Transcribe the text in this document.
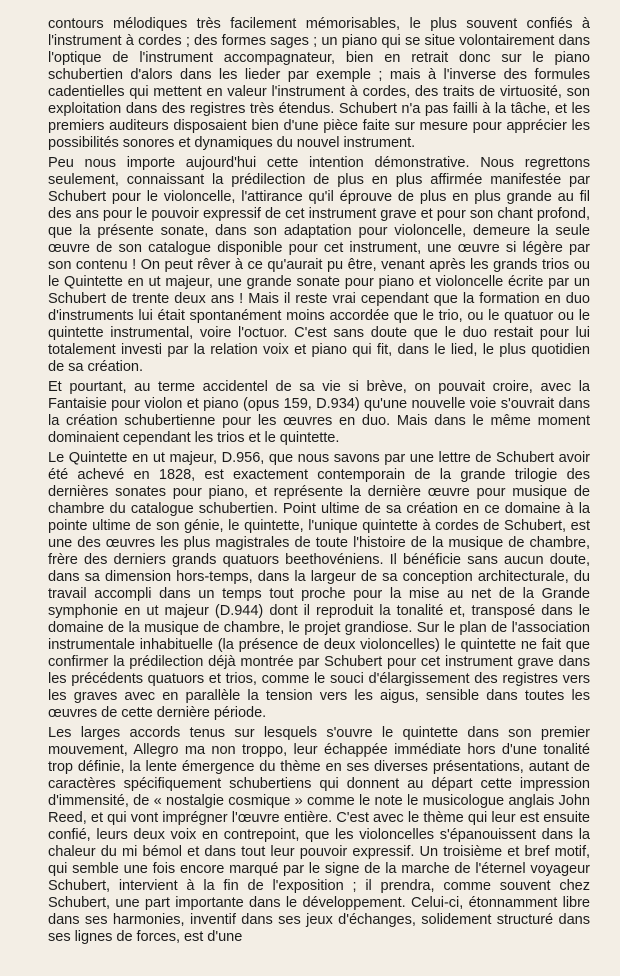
contours mélodiques très facilement mémorisables, le plus souvent confiés à l'instrument à cordes ; des formes sages ; un piano qui se situe volontairement dans l'optique de l'instrument accompagnateur, bien en retrait donc sur le piano schubertien d'alors dans les lieder par exemple ; mais à l'inverse des formules cadentielles qui mettent en valeur l'instrument à cordes, des traits de virtuosité, son exploitation dans des registres très étendus. Schubert n'a pas failli à la tâche, et les premiers auditeurs disposaient bien d'une pièce faite sur mesure pour apprécier les possibilités sonores et dynamiques du nouvel instrument.

Peu nous importe aujourd'hui cette intention démonstrative. Nous regrettons seulement, connaissant la prédilection de plus en plus affirmée manifestée par Schubert pour le violoncelle, l'attirance qu'il éprouve de plus en plus grande au fil des ans pour le pouvoir expressif de cet instrument grave et pour son chant profond, que la présente sonate, dans son adaptation pour violoncelle, demeure la seule œuvre de son catalogue disponible pour cet instrument, une œuvre si légère par son contenu ! On peut rêver à ce qu'aurait pu être, venant après les grands trios ou le Quintette en ut majeur, une grande sonate pour piano et violoncelle écrite par un Schubert de trente deux ans ! Mais il reste vrai cependant que la formation en duo d'instruments lui était spontanément moins accordée que le trio, ou le quatuor ou le quintette instrumental, voire l'octuor. C'est sans doute que le duo restait pour lui totalement investi par la relation voix et piano qui fit, dans le lied, le plus quotidien de sa création.

Et pourtant, au terme accidentel de sa vie si brève, on pouvait croire, avec la Fantaisie pour violon et piano (opus 159, D.934) qu'une nouvelle voie s'ouvrait dans la création schubertienne pour les œuvres en duo. Mais dans le même moment dominaient cependant les trios et le quintette.

Le Quintette en ut majeur, D.956, que nous savons par une lettre de Schubert avoir été achevé en 1828, est exactement contemporain de la grande trilogie des dernières sonates pour piano, et représente la dernière œuvre pour musique de chambre du catalogue schubertien. Point ultime de sa création en ce domaine à la pointe ultime de son génie, le quintette, l'unique quintette à cordes de Schubert, est une des œuvres les plus magistrales de toute l'histoire de la musique de chambre, frère des derniers grands quatuors beethovéniens. Il bénéficie sans aucun doute, dans sa dimension hors-temps, dans la largeur de sa conception architecturale, du travail accompli dans un temps tout proche pour la mise au net de la Grande symphonie en ut majeur (D.944) dont il reproduit la tonalité et, transposé dans le domaine de la musique de chambre, le projet grandiose. Sur le plan de l'association instrumentale inhabituelle (la présence de deux violoncelles) le quintette ne fait que confirmer la prédilection déjà montrée par Schubert pour cet instrument grave dans les précédents quatuors et trios, comme le souci d'élargissement des registres vers les graves avec en parallèle la tension vers les aigus, sensible dans toutes les œuvres de cette dernière période.

Les larges accords tenus sur lesquels s'ouvre le quintette dans son premier mouvement, Allegro ma non troppo, leur échappée immédiate hors d'une tonalité trop définie, la lente émergence du thème en ses diverses présentations, autant de caractères spécifiquement schubertiens qui donnent au départ cette impression d'immensité, de « nostalgie cosmique » comme le note le musicologue anglais John Reed, et qui vont imprégner l'œuvre entière. C'est avec le thème qui leur est ensuite confié, leurs deux voix en contrepoint, que les violoncelles s'épanouissent dans la chaleur du mi bémol et dans tout leur pouvoir expressif. Un troisième et bref motif, qui semble une fois encore marqué par le signe de la marche de l'éternel voyageur Schubert, intervient à la fin de l'exposition ; il prendra, comme souvent chez Schubert, une part importante dans le développement. Celui-ci, étonnamment libre dans ses harmonies, inventif dans ses jeux d'échanges, solidement structuré dans ses lignes de forces, est d'une
